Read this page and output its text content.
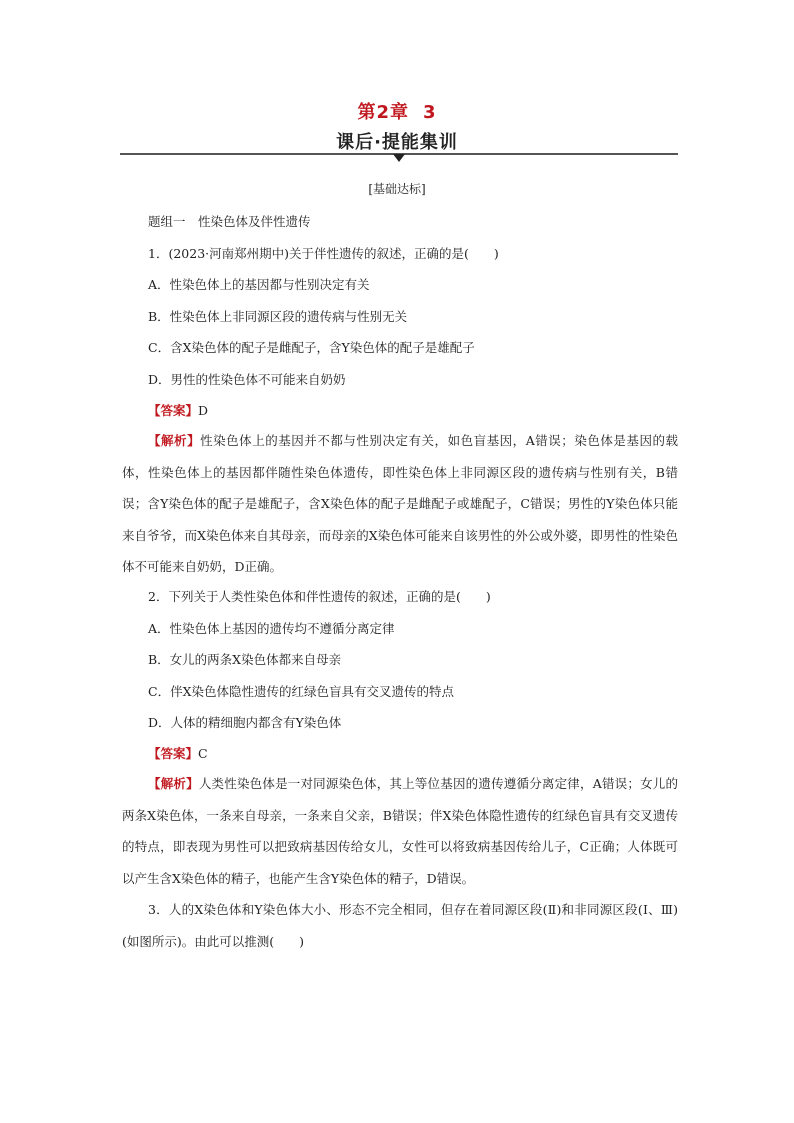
第2章 3
课后·提能集训
[基础达标]
题组一　性染色体及伴性遗传
1．(2023·河南郑州期中)关于伴性遗传的叙述，正确的是(　　)
A．性染色体上的基因都与性别决定有关
B．性染色体上非同源区段的遗传病与性别无关
C．含X染色体的配子是雌配子，含Y染色体的配子是雄配子
D．男性的性染色体不可能来自奶奶
【答案】D
【解析】性染色体上的基因并不都与性别决定有关，如色盲基因，A错误；染色体是基因的载体，性染色体上的基因都伴随性染色体遗传，即性染色体上非同源区段的遗传病与性别有关，B错误；含Y染色体的配子是雄配子，含X染色体的配子是雌配子或雄配子，C错误；男性的Y染色体只能来自爷爷，而X染色体来自其母亲，而母亲的X染色体可能来自该男性的外公或外婆，即男性的性染色体不可能来自奶奶，D正确。
2．下列关于人类性染色体和伴性遗传的叙述，正确的是(　　)
A．性染色体上基因的遗传均不遵循分离定律
B．女儿的两条X染色体都来自母亲
C．伴X染色体隐性遗传的红绿色盲具有交叉遗传的特点
D．人体的精细胞内都含有Y染色体
【答案】C
【解析】人类性染色体是一对同源染色体，其上等位基因的遗传遵循分离定律，A错误；女儿的两条X染色体，一条来自母亲，一条来自父亲，B错误；伴X染色体隐性遗传的红绿色盲具有交叉遗传的特点，即表现为男性可以把致病基因传给女儿，女性可以将致病基因传给儿子，C正确；人体既可以产生含X染色体的精子，也能产生含Y染色体的精子，D错误。
3．人的X染色体和Y染色体大小、形态不完全相同，但存在着同源区段(Ⅱ)和非同源区段(Ⅰ、Ⅲ)(如图所示)。由此可以推测(　　)
